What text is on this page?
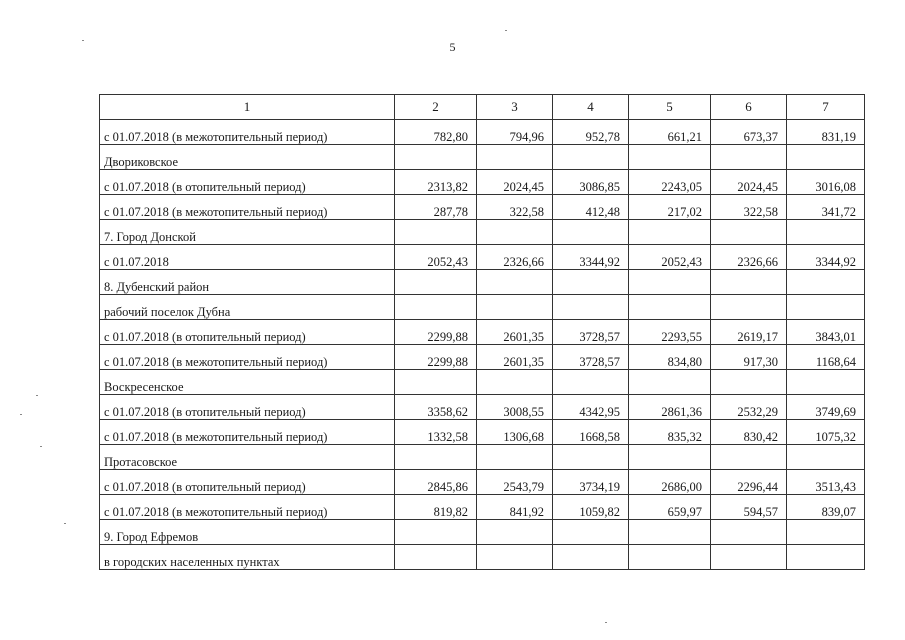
5
1	2	3	4	5	6	7
с 01.07.2018 (в межотопительный период)	782,80	794,96	952,78	661,21	673,37	831,19
Двориковское						
с 01.07.2018 (в отопительный период)	2313,82	2024,45	3086,85	2243,05	2024,45	3016,08
с 01.07.2018 (в межотопительный период)	287,78	322,58	412,48	217,02	322,58	341,72
7. Город Донской						
с 01.07.2018	2052,43	2326,66	3344,92	2052,43	2326,66	3344,92
8. Дубенский район						
рабочий поселок Дубна						
с 01.07.2018 (в отопительный период)	2299,88	2601,35	3728,57	2293,55	2619,17	3843,01
с 01.07.2018 (в межотопительный период)	2299,88	2601,35	3728,57	834,80	917,30	1168,64
Воскресенское						
с 01.07.2018 (в отопительный период)	3358,62	3008,55	4342,95	2861,36	2532,29	3749,69
с 01.07.2018 (в межотопительный период)	1332,58	1306,68	1668,58	835,32	830,42	1075,32
Протасовское						
с 01.07.2018 (в отопительный период)	2845,86	2543,79	3734,19	2686,00	2296,44	3513,43
с 01.07.2018 (в межотопительный период)	819,82	841,92	1059,82	659,97	594,57	839,07
9. Город Ефремов						
в городских населенных пунктах						
